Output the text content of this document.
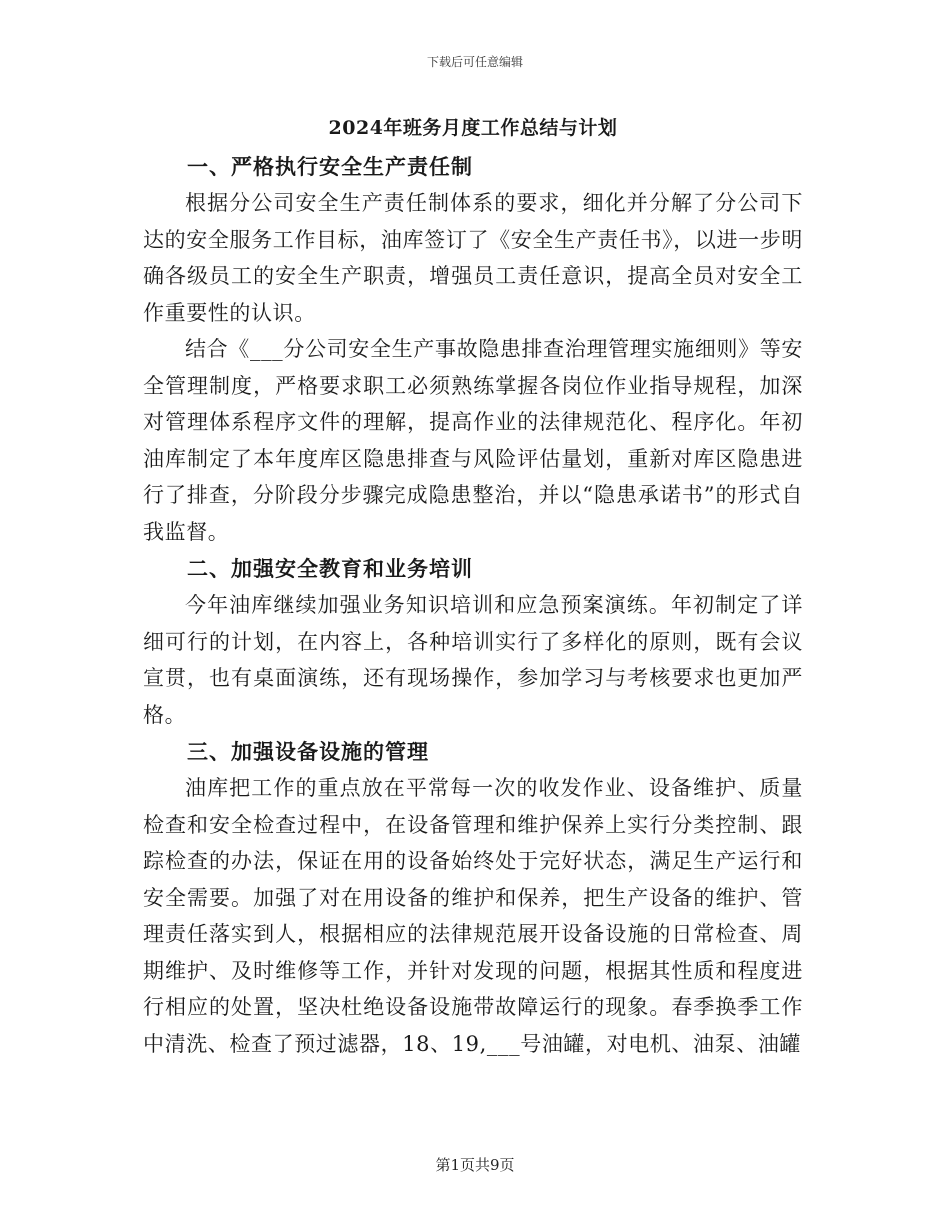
下载后可任意编辑
2024年班务月度工作总结与计划
一、严格执行安全生产责任制

根据分公司安全生产责任制体系的要求，细化并分解了分公司下达的安全服务工作目标，油库签订了《安全生产责任书》，以进一步明确各级员工的安全生产职责，增强员工责任意识，提高全员对安全工作重要性的认识。

结合《___分公司安全生产事故隐患排查治理管理实施细则》等安全管理制度，严格要求职工必须熟练掌握各岗位作业指导规程，加深对管理体系程序文件的理解，提高作业的法律规范化、程序化。年初油库制定了本年度库区隐患排查与风险评估量划，重新对库区隐患进行了排查，分阶段分步骤完成隐患整治，并以“隐患承诺书”的形式自我监督。

二、加强安全教育和业务培训

今年油库继续加强业务知识培训和应急预案演练。年初制定了详细可行的计划，在内容上，各种培训实行了多样化的原则，既有会议宣贯，也有桌面演练，还有现场操作，参加学习与考核要求也更加严格。

三、加强设备设施的管理

油库把工作的重点放在平常每一次的收发作业、设备维护、质量检查和安全检查过程中，在设备管理和维护保养上实行分类控制、跟踪检查的办法，保证在用的设备始终处于完好状态，满足生产运行和安全需要。加强了对在用设备的维护和保养，把生产设备的维护、管理责任落实到人，根据相应的法律规范展开设备设施的日常检查、周期维护、及时维修等工作，并针对发现的问题，根据其性质和程度进行相应的处置，坚决杜绝设备设施带故障运行的现象。春季换季工作中清洗、检查了预过滤器，18、19,___号油罐，对电机、油泵、油罐

第1页共9页
